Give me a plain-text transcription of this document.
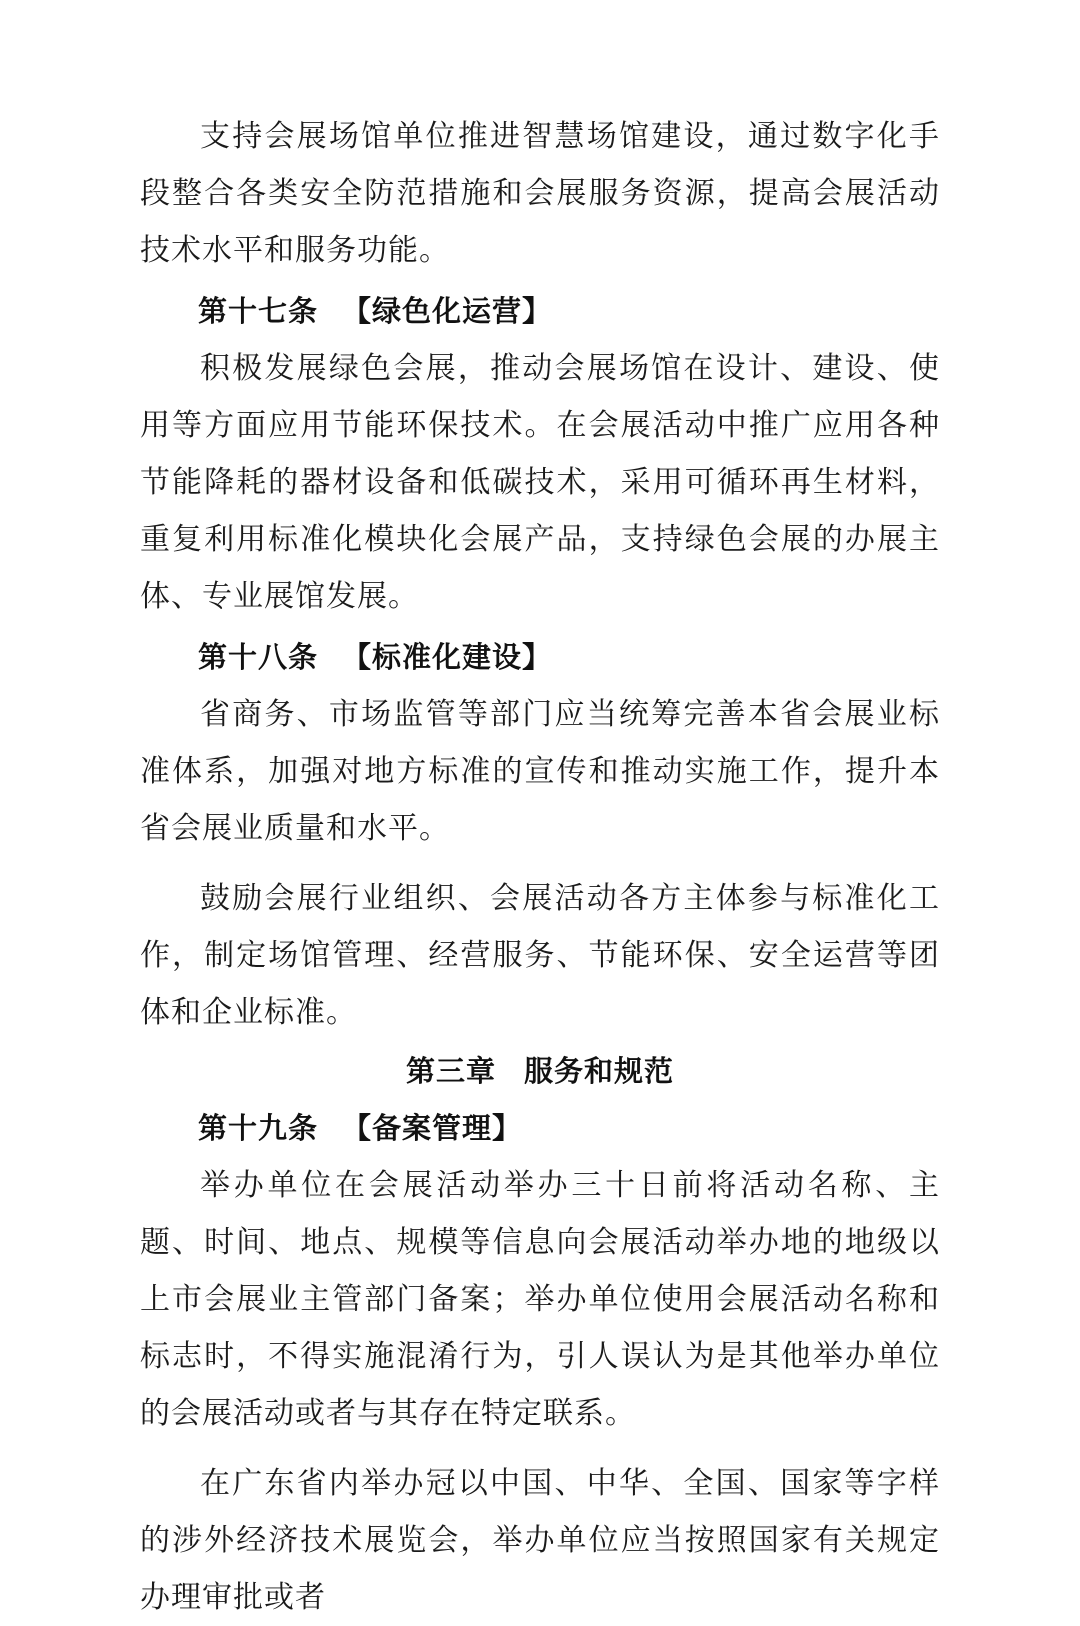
支持会展场馆单位推进智慧场馆建设，通过数字化手段整合各类安全防范措施和会展服务资源，提高会展活动技术水平和服务功能。

第十七条 【绿色化运营】

积极发展绿色会展，推动会展场馆在设计、建设、使用等方面应用节能环保技术。在会展活动中推广应用各种节能降耗的器材设备和低碳技术，采用可循环再生材料，重复利用标准化模块化会展产品，支持绿色会展的办展主体、专业展馆发展。

第十八条 【标准化建设】

省商务、市场监管等部门应当统筹完善本省会展业标准体系，加强对地方标准的宣传和推动实施工作，提升本省会展业质量和水平。

鼓励会展行业组织、会展活动各方主体参与标准化工作，制定场馆管理、经营服务、节能环保、安全运营等团体和企业标准。

第三章 服务和规范
第十九条 【备案管理】

举办单位在会展活动举办三十日前将活动名称、主题、时间、地点、规模等信息向会展活动举办地的地级以上市会展业主管部门备案；举办单位使用会展活动名称和标志时，不得实施混淆行为，引人误认为是其他举办单位的会展活动或者与其存在特定联系。

在广东省内举办冠以中国、中华、全国、国家等字样的涉外经济技术展览会，举办单位应当按照国家有关规定办理审批或者
